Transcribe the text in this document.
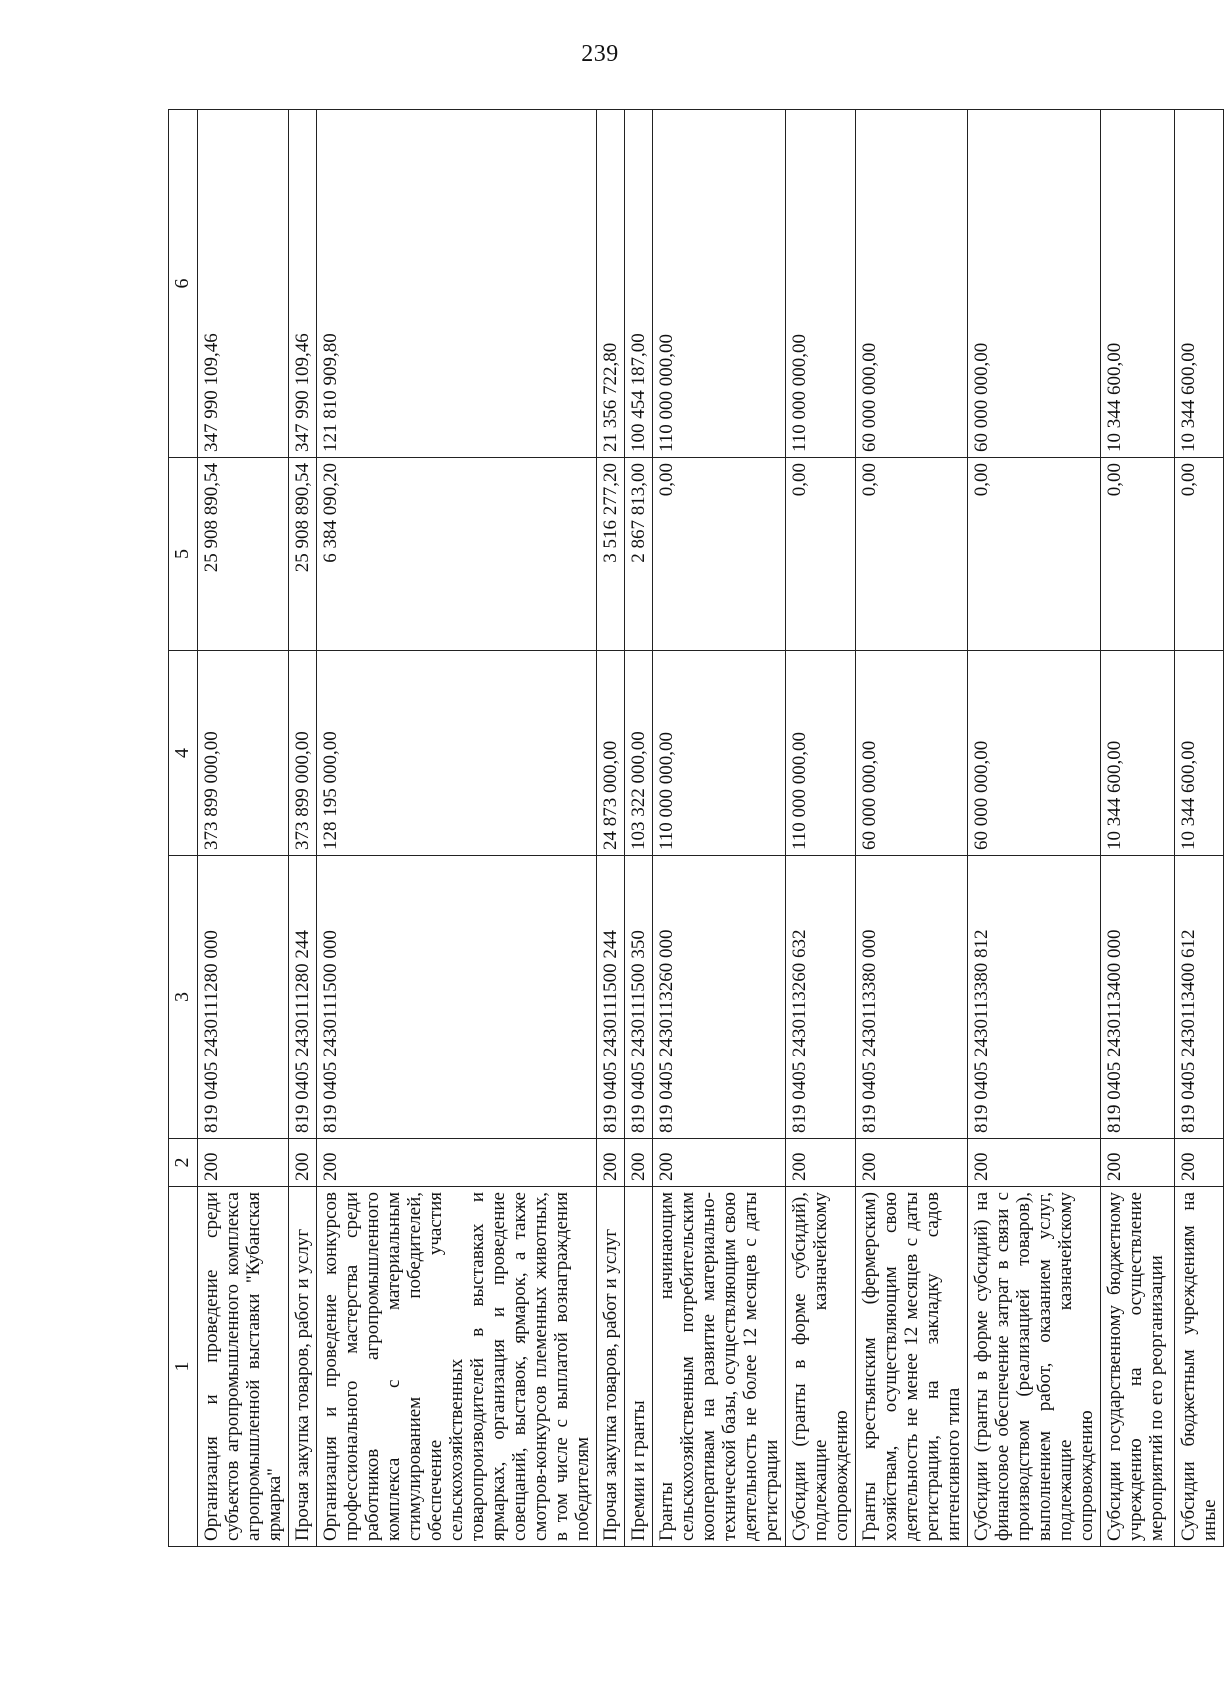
239
1	2	3	4	5	6
Организация и проведение среди субъектов агропромышленного комплекса агропромышленной выставки "Кубанская ярмарка"	200	819 0405 2430111280 000	373 899 000,00	25 908 890,54	347 990 109,46
Прочая закупка товаров, работ и услуг	200	819 0405 2430111280 244	373 899 000,00	25 908 890,54	347 990 109,46
Организация и проведение конкурсов профессионального мастерства среди работников агропромышленного комплекса с материальным стимулированием победителей, обеспечение участия сельскохозяйственных товаропроизводителей в выставках и ярмарках, организация и проведение совещаний, выставок, ярмарок, а также смотров-конкурсов племенных животных, в том числе с выплатой вознаграждения победителям	200	819 0405 2430111500 000	128 195 000,00	6 384 090,20	121 810 909,80
Прочая закупка товаров, работ и услуг	200	819 0405 2430111500 244	24 873 000,00	3 516 277,20	21 356 722,80
Премии и гранты	200	819 0405 2430111500 350	103 322 000,00	2 867 813,00	100 454 187,00
Гранты начинающим сельскохозяйственным потребительским кооперативам на развитие материально-технической базы, осуществляющим свою деятельность не более 12 месяцев с даты регистрации	200	819 0405 2430113260 000	110 000 000,00	0,00	110 000 000,00
Субсидии (гранты в форме субсидий), подлежащие казначейскому сопровождению	200	819 0405 2430113260 632	110 000 000,00	0,00	110 000 000,00
Гранты крестьянским (фермерским) хозяйствам, осуществляющим свою деятельность не менее 12 месяцев с даты регистрации, на закладку садов интенсивного типа	200	819 0405 2430113380 000	60 000 000,00	0,00	60 000 000,00
Субсидии (гранты в форме субсидий) на финансовое обеспечение затрат в связи с производством (реализацией товаров), выполнением работ, оказанием услуг, подлежащие казначейскому сопровождению	200	819 0405 2430113380 812	60 000 000,00	0,00	60 000 000,00
Субсидии государственному бюджетному учреждению на осуществление мероприятий по его реорганизации	200	819 0405 2430113400 000	10 344 600,00	0,00	10 344 600,00
Субсидии бюджетным учреждениям на иные	200	819 0405 2430113400 612	10 344 600,00	0,00	10 344 600,00
